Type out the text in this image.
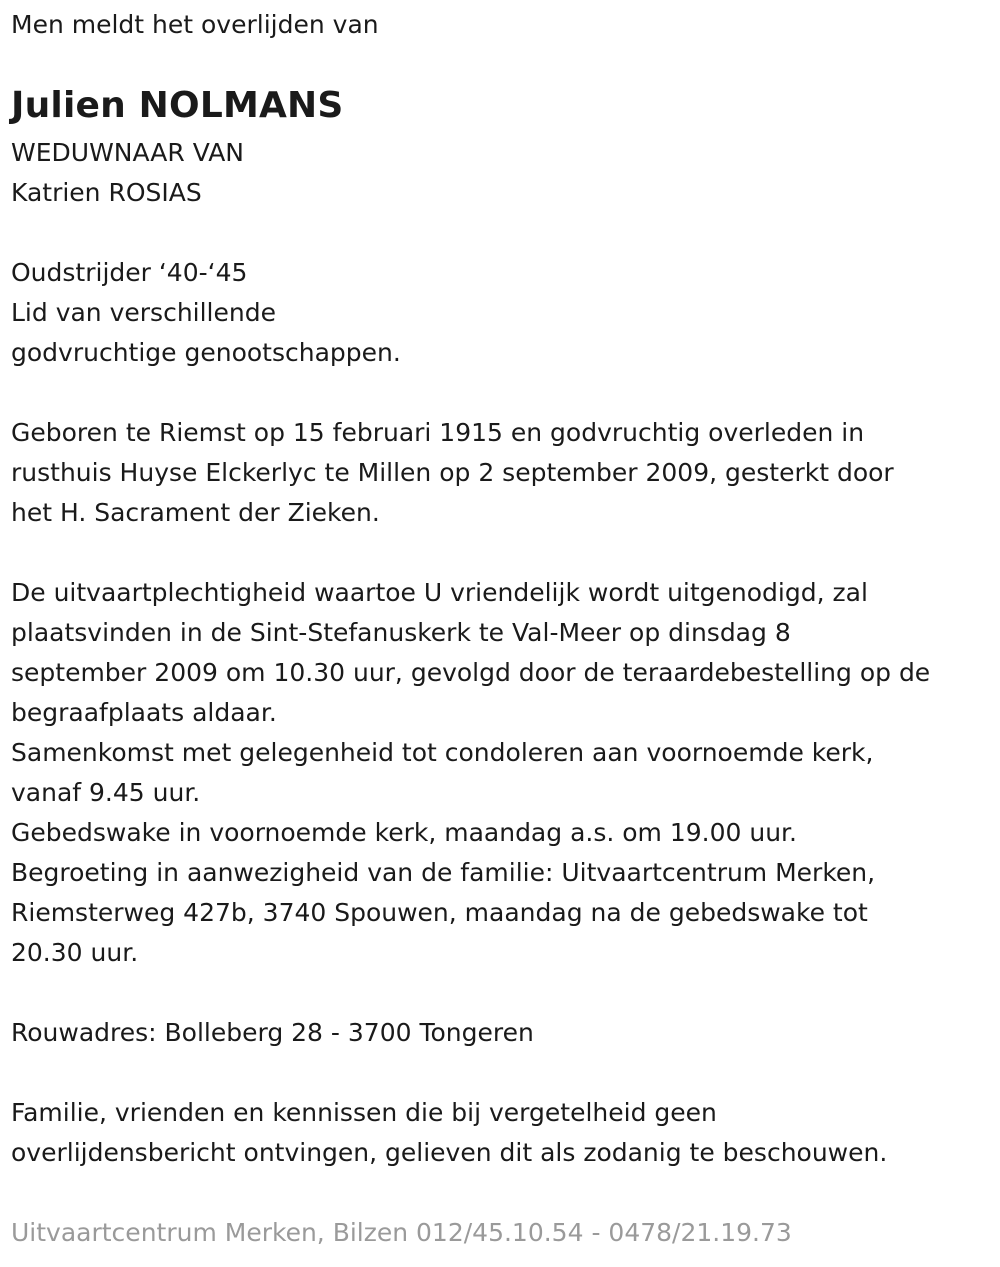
Men meldt het overlijden van

Julien NOLMANS

WEDUWNAAR VAN

Katrien ROSIAS

Oudstrijder ‘40-‘45

Lid van verschillende

godvruchtige genootschappen.

Geboren te Riemst op 15 februari 1915 en godvruchtig overleden in

rusthuis Huyse Elckerlyc te Millen op 2 september 2009, gesterkt door

het H. Sacrament der Zieken.

De uitvaartplechtigheid waartoe U vriendelijk wordt uitgenodigd, zal

plaatsvinden in de Sint-Stefanuskerk te Val-Meer op dinsdag 8

september 2009 om 10.30 uur, gevolgd door de teraardebestelling op de

begraafplaats aldaar.

Samenkomst met gelegenheid tot condoleren aan voornoemde kerk,

vanaf 9.45 uur.

Gebedswake in voornoemde kerk, maandag a.s. om 19.00 uur.

Begroeting in aanwezigheid van de familie: Uitvaartcentrum Merken,

Riemsterweg 427b, 3740 Spouwen, maandag na de gebedswake tot

20.30 uur.

Rouwadres: Bolleberg 28 - 3700 Tongeren

Familie, vrienden en kennissen die bij vergetelheid geen

overlijdensbericht ontvingen, gelieven dit als zodanig te beschouwen.

Uitvaartcentrum Merken, Bilzen 012/45.10.54 - 0478/21.19.73
